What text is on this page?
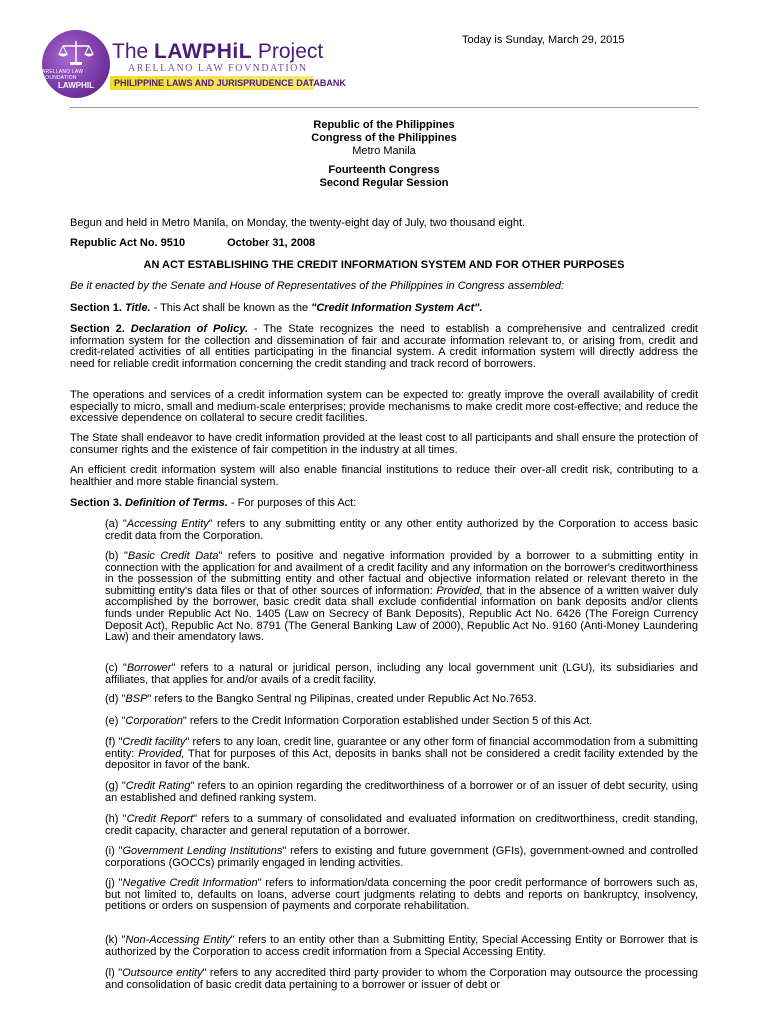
ARELLANO LAW FOUNDATION
LAWPHIL
The LAWPHiL Project
ARELLANO LAW FOVNDATION
PHILIPPINE LAWS AND JURISPRUDENCE DATABANK
Today is Sunday, March 29, 2015
Republic of the Philippines
Congress of the Philippines
Metro Manila
Fourteenth Congress
Second Regular Session
Begun and held in Metro Manila, on Monday, the twenty-eight day of July, two thousand eight.
Republic Act No. 9510	October 31, 2008
AN ACT ESTABLISHING THE CREDIT INFORMATION SYSTEM AND FOR OTHER PURPOSES
Be it enacted by the Senate and House of Representatives of the Philippines in Congress assembled:
Section 1. Title. - This Act shall be known as the "Credit Information System Act".

Section 2. Declaration of Policy. - The State recognizes the need to establish a comprehensive and centralized credit information system for the collection and dissemination of fair and accurate information relevant to, or arising from, credit and credit-related activities of all entities participating in the financial system. A credit information system will directly address the need for reliable credit information concerning the credit standing and track record of borrowers.

The operations and services of a credit information system can be expected to: greatly improve the overall availability of credit especially to micro, small and medium-scale enterprises; provide mechanisms to make credit more cost-effective; and reduce the excessive dependence on collateral to secure credit facilities.

The State shall endeavor to have credit information provided at the least cost to all participants and shall ensure the protection of consumer rights and the existence of fair competition in the industry at all times.

An efficient credit information system will also enable financial institutions to reduce their over-all credit risk, contributing to a healthier and more stable financial system.

Section 3. Definition of Terms. - For purposes of this Act:

(a) "Accessing Entity" refers to any submitting entity or any other entity authorized by the Corporation to access basic credit data from the Corporation.

(b) "Basic Credit Data" refers to positive and negative information provided by a borrower to a submitting entity in connection with the application for and availment of a credit facility and any information on the borrower's creditworthiness in the possession of the submitting entity and other factual and objective information related or relevant thereto in the submitting entity's data files or that of other sources of information: Provided, that in the absence of a written waiver duly accomplished by the borrower, basic credit data shall exclude confidential information on bank deposits and/or clients funds under Republic Act No. 1405 (Law on Secrecy of Bank Deposits), Republic Act No. 6426 (The Foreign Currency Deposit Act), Republic Act No. 8791 (The General Banking Law of 2000), Republic Act No. 9160 (Anti-Money Laundering Law) and their amendatory laws.

(c) "Borrower" refers to a natural or juridical person, including any local government unit (LGU), its subsidiaries and affiliates, that applies for and/or avails of a credit facility.

(d) "BSP" refers to the Bangko Sentral ng Pilipinas, created under Republic Act No.7653.

(e) "Corporation" refers to the Credit Information Corporation established under Section 5 of this Act.

(f) "Credit facility" refers to any loan, credit line, guarantee or any other form of financial accommodation from a submitting entity: Provided, That for purposes of this Act, deposits in banks shall not be considered a credit facility extended by the depositor in favor of the bank.

(g) "Credit Rating" refers to an opinion regarding the creditworthiness of a borrower or of an issuer of debt security, using an established and defined ranking system.

(h) "Credit Report" refers to a summary of consolidated and evaluated information on creditworthiness, credit standing, credit capacity, character and general reputation of a borrower.

(i) "Government Lending Institutions" refers to existing and future government (GFIs), government-owned and controlled corporations (GOCCs) primarily engaged in lending activities.

(j) "Negative Credit Information" refers to information/data concerning the poor credit performance of borrowers such as, but not limited to, defaults on loans, adverse court judgments relating to debts and reports on bankruptcy, insolvency, petitions or orders on suspension of payments and corporate rehabilitation.

(k) "Non-Accessing Entity" refers to an entity other than a Submitting Entity, Special Accessing Entity or Borrower that is authorized by the Corporation to access credit information from a Special Accessing Entity.

(l) "Outsource entity" refers to any accredited third party provider to whom the Corporation may outsource the processing and consolidation of basic credit data pertaining to a borrower or issuer of debt or
